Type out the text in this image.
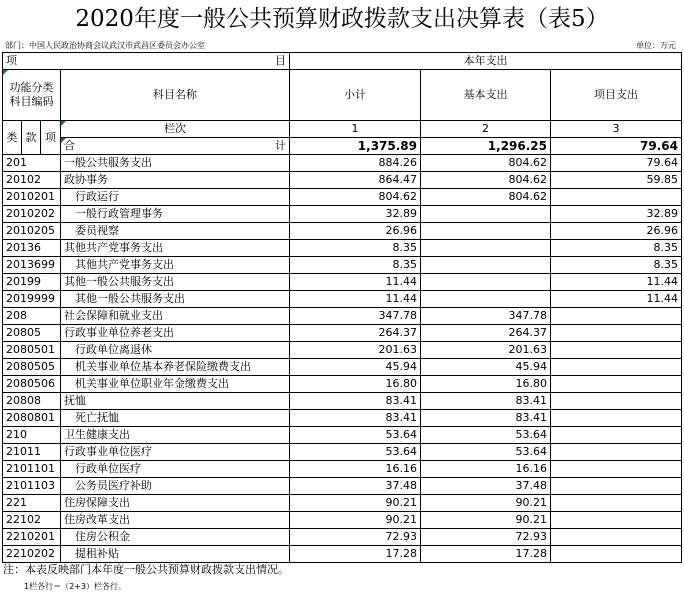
2020年度一般公共预算财政拨款支出决算表（表5）
部门：中国人民政治协商会议武汉市武昌区委员会办公室	单位：万元
项 目				本年支出		
功能分类科目编码			科目名称	小计	基本支出	项目支出
类	款	项				
			栏次	1	2	3

			合 计	1,375.89	1,296.25	79.64
201			一般公共服务支出	884.26	804.62	79.64
20102			政协事务	864.47	804.62	59.85
2010201			行政运行	804.62	804.62	
2010202			一般行政管理事务	32.89		32.89
2010205			委员视察	26.96		26.96
20136			其他共产党事务支出	8.35		8.35
2013699			其他共产党事务支出	8.35		8.35
20199			其他一般公共服务支出	11.44		11.44
2019999			其他一般公共服务支出	11.44		11.44
208			社会保障和就业支出	347.78	347.78	
20805			行政事业单位养老支出	264.37	264.37	
2080501			行政单位离退休	201.63	201.63	
2080505			机关事业单位基本养老保险缴费支出	45.94	45.94	
2080506			机关事业单位职业年金缴费支出	16.80	16.80	
20808			抚恤	83.41	83.41	
2080801			死亡抚恤	83.41	83.41	
210			卫生健康支出	53.64	53.64	
21011			行政事业单位医疗	53.64	53.64	
2101101			行政单位医疗	16.16	16.16	
2101103			公务员医疗补助	37.48	37.48	
221			住房保障支出	90.21	90.21	
22102			住房改革支出	90.21	90.21	
2210201			住房公积金	72.93	72.93	
2210202			提租补贴	17.28	17.28	
注：本表反映部门本年度一般公共预算财政拨款支出情况。
1栏各行＝（2+3）栏各行。
